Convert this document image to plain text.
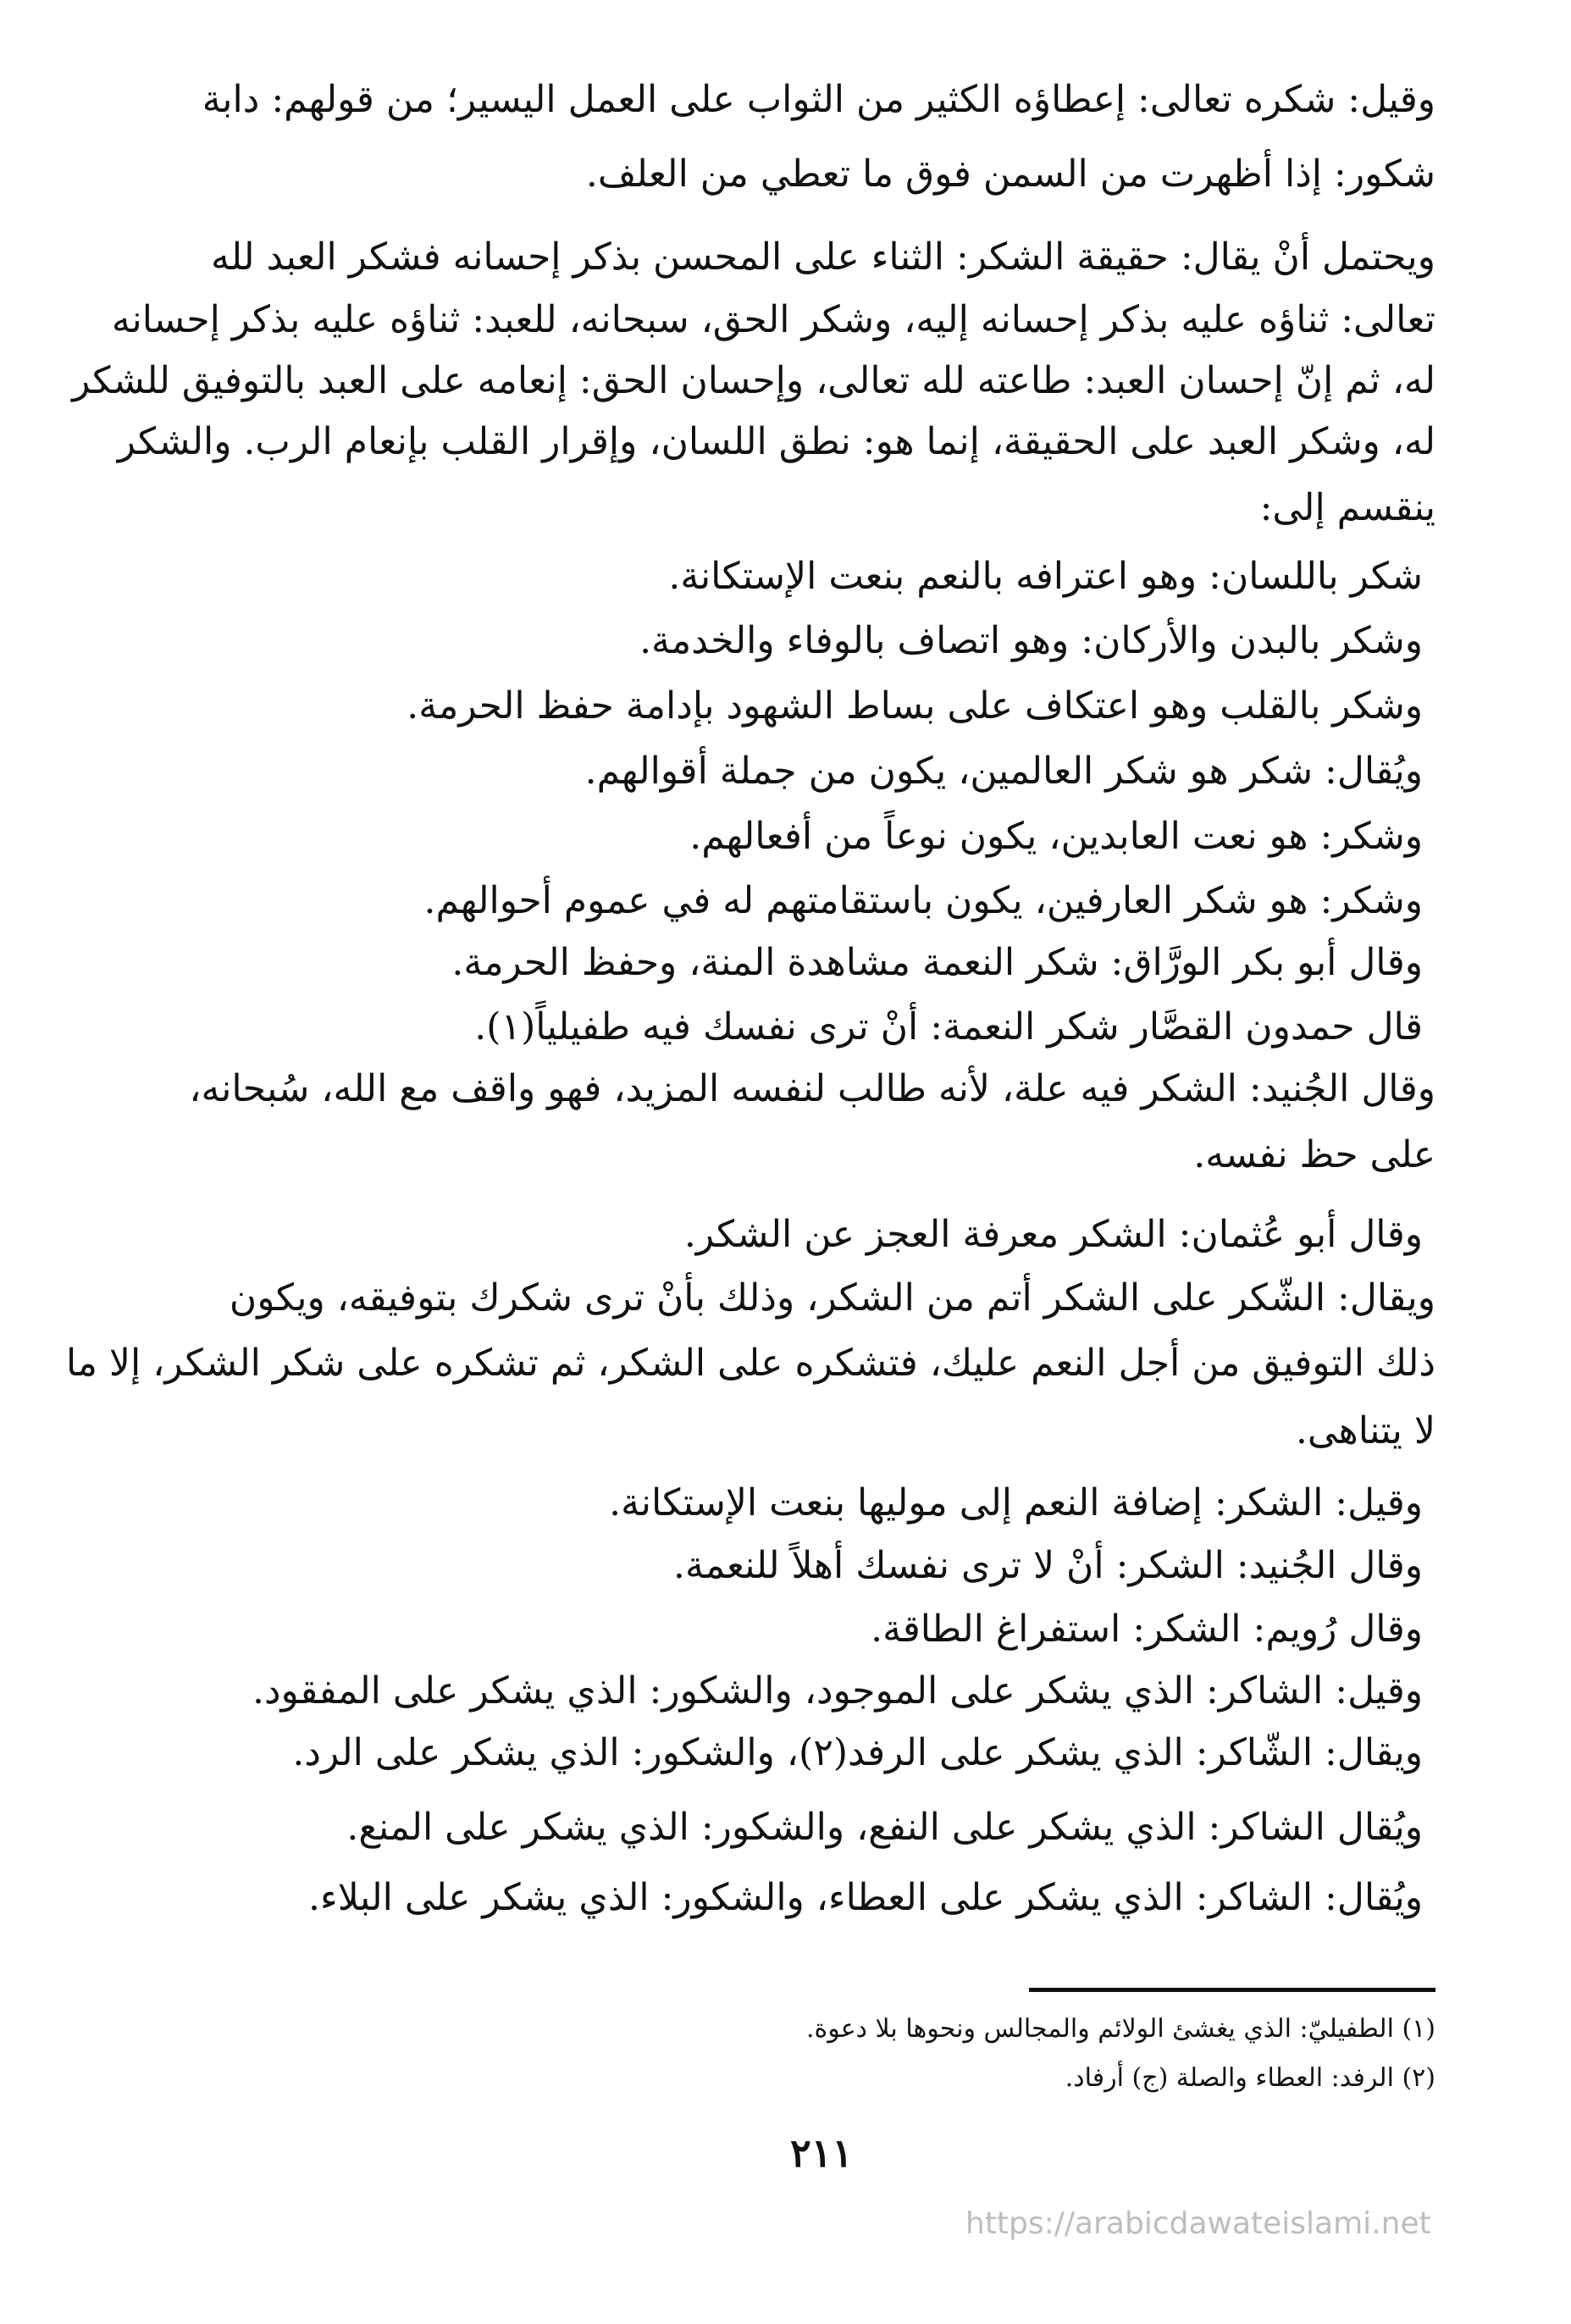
وقيل: شكره تعالى: إعطاؤه الكثير من الثواب على العمل اليسير؛ من قولهم: دابة

شكور: إذا أظهرت من السمن فوق ما تعطي من العلف.

ويحتمل أنْ يقال: حقيقة الشكر: الثناء على المحسن بذكر إحسانه فشكر العبد لله

تعالى: ثناؤه عليه بذكر إحسانه إليه، وشكر الحق، سبحانه، للعبد: ثناؤه عليه بذكر إحسانه

له، ثم إنّ إحسان العبد: طاعته لله تعالى، وإحسان الحق: إنعامه على العبد بالتوفيق للشكر

له، وشكر العبد على الحقيقة، إنما هو: نطق اللسان، وإقرار القلب بإنعام الرب. والشكر

ينقسم إلى:

شكر باللسان: وهو اعترافه بالنعم بنعت الإستكانة.

وشكر بالبدن والأركان: وهو اتصاف بالوفاء والخدمة.

وشكر بالقلب وهو اعتكاف على بساط الشهود بإدامة حفظ الحرمة.

ويُقال: شكر هو شكر العالمين، يكون من جملة أقوالهم.

وشكر: هو نعت العابدين، يكون نوعاً من أفعالهم.

وشكر: هو شكر العارفين، يكون باستقامتهم له في عموم أحوالهم.

وقال أبو بكر الورَّاق: شكر النعمة مشاهدة المنة، وحفظ الحرمة.

قال حمدون القصَّار شكر النعمة: أنْ ترى نفسك فيه طفيلياً(١).

وقال الجُنيد: الشكر فيه علة، لأنه طالب لنفسه المزيد، فهو واقف مع الله، سُبحانه،

على حظ نفسه.

وقال أبو عُثمان: الشكر معرفة العجز عن الشكر.

ويقال: الشّكر على الشكر أتم من الشكر، وذلك بأنْ ترى شكرك بتوفيقه، ويكون

ذلك التوفيق من أجل النعم عليك، فتشكره على الشكر، ثم تشكره على شكر الشكر، إلا ما

لا يتناهى.

وقيل: الشكر: إضافة النعم إلى موليها بنعت الإستكانة.

وقال الجُنيد: الشكر: أنْ لا ترى نفسك أهلاً للنعمة.

وقال رُويم: الشكر: استفراغ الطاقة.

وقيل: الشاكر: الذي يشكر على الموجود، والشكور: الذي يشكر على المفقود.

ويقال: الشّاكر: الذي يشكر على الرفد(٢)، والشكور: الذي يشكر على الرد.

ويُقال الشاكر: الذي يشكر على النفع، والشكور: الذي يشكر على المنع.

ويُقال: الشاكر: الذي يشكر على العطاء، والشكور: الذي يشكر على البلاء.

(١) الطفيليّ: الذي يغشئ الولائم والمجالس ونحوها بلا دعوة.
(٢) الرفد: العطاء والصلة (ج) أرفاد.
٢١١
https://arabicdawateislami.net
